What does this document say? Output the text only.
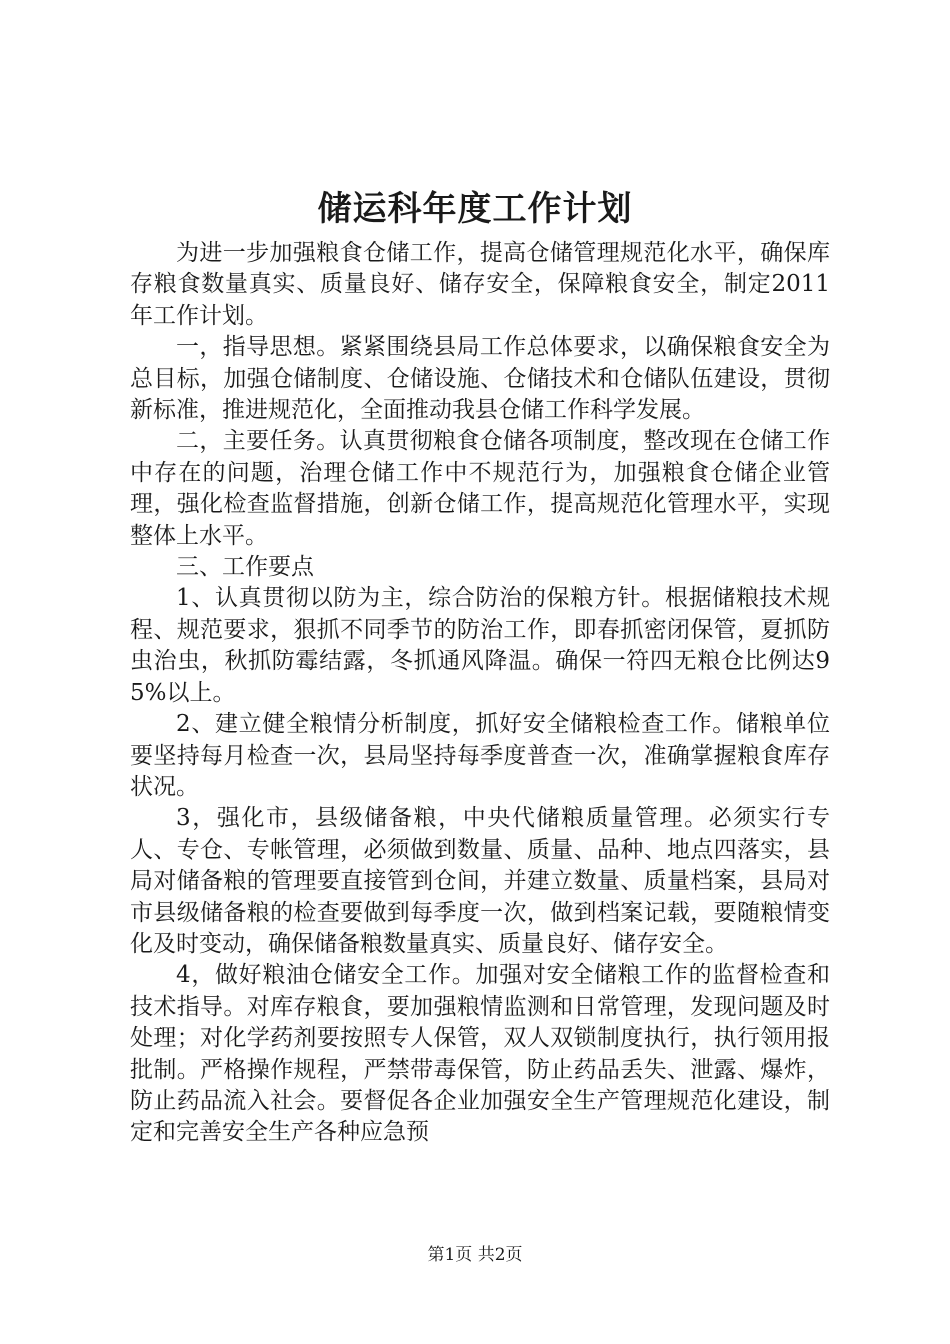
储运科年度工作计划

为进一步加强粮食仓储工作，提高仓储管理规范化水平，确保库存粮食数量真实、质量良好、储存安全，保障粮食安全，制定2011年工作计划。

一，指导思想。紧紧围绕县局工作总体要求，以确保粮食安全为总目标，加强仓储制度、仓储设施、仓储技术和仓储队伍建设，贯彻新标准，推进规范化，全面推动我县仓储工作科学发展。

二，主要任务。认真贯彻粮食仓储各项制度，整改现在仓储工作中存在的问题，治理仓储工作中不规范行为，加强粮食仓储企业管理，强化检查监督措施，创新仓储工作，提高规范化管理水平，实现整体上水平。

三、工作要点

1、认真贯彻以防为主，综合防治的保粮方针。根据储粮技术规程、规范要求，狠抓不同季节的防治工作，即春抓密闭保管，夏抓防虫治虫，秋抓防霉结露，冬抓通风降温。确保一符四无粮仓比例达95%以上。

2、建立健全粮情分析制度，抓好安全储粮检查工作。储粮单位要坚持每月检查一次，县局坚持每季度普查一次，准确掌握粮食库存状况。

3，强化市，县级储备粮，中央代储粮质量管理。必须实行专人、专仓、专帐管理，必须做到数量、质量、品种、地点四落实，县局对储备粮的管理要直接管到仓间，并建立数量、质量档案，县局对市县级储备粮的检查要做到每季度一次，做到档案记载，要随粮情变化及时变动，确保储备粮数量真实、质量良好、储存安全。

4，做好粮油仓储安全工作。加强对安全储粮工作的监督检查和技术指导。对库存粮食，要加强粮情监测和日常管理，发现问题及时处理；对化学药剂要按照专人保管，双人双锁制度执行，执行领用报批制。严格操作规程，严禁带毒保管，防止药品丢失、泄露、爆炸，防止药品流入社会。要督促各企业加强安全生产管理规范化建设，制定和完善安全生产各种应急预

第1页 共2页
